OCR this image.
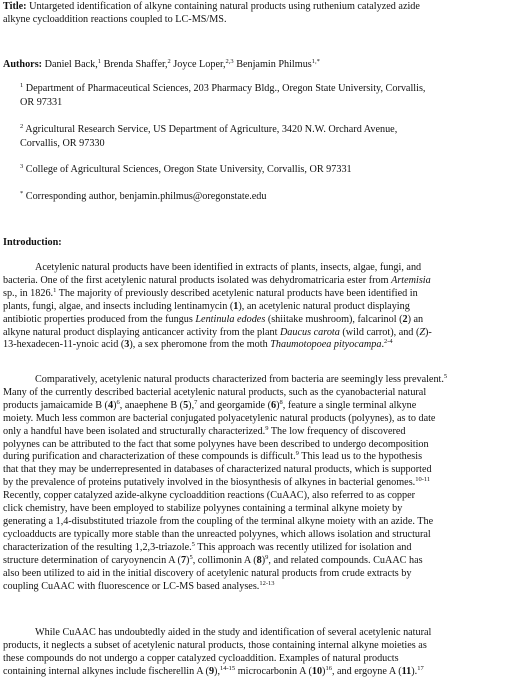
Title: Untargeted identification of alkyne containing natural products using ruthenium catalyzed azide

alkyne cycloaddition reactions coupled to LC-MS/MS.

Authors: Daniel Back,$^1$ Brenda Shaffer,$^2$ Joyce Loper,$^{2,3}$ Benjamin Philmus$^{1,*}$

$^1$ Department of Pharmaceutical Sciences, 203 Pharmacy Bldg., Oregon State University, Corvallis,
OR 97331
$^2$ Agricultural Research Service, US Department of Agriculture, 3420 N.W. Orchard Avenue,
Corvallis, OR 97330
$^3$ College of Agricultural Sciences, Oregon State University, Corvallis, OR 97331
* Corresponding author, benjamin.philmus@oregonstate.edu

Introduction:

Acetylenic natural products have been identified in extracts of plants, insects, algae, fungi, and
bacteria. One of the first acetylenic natural products isolated was dehydromatricaria ester from Artemisia
sp., in 1826.$^1$ The majority of previously described acetylenic natural products have been identified in
plants, fungi, algae, and insects including lentinamycin (1), an acetylenic natural product displaying
antibiotic properties produced from the fungus Lentinula edodes (shiitake mushroom), falcarinol (2) an
alkyne natural product displaying anticancer activity from the plant Daucus carota (wild carrot), and (Z)-
13-hexadecen-11-ynoic acid (3), a sex pheromone from the moth Thaumotopoea pityocampa.$^{2-4}$
Comparatively, acetylenic natural products characterized from bacteria are seemingly less prevalent.$^5$
Many of the currently described bacterial acetylenic natural products, such as the cyanobacterial natural
products jamaicamide B $(4)^6$, anaephene B (5),$^7$ and georgamide $(6)^8$, feature a single terminal alkyne
moiety. Much less common are bacterial conjugated polyacetylenic natural products (polyynes), as to date
only a handful have been isolated and structurally characterized.$^9$ The low frequency of discovered
polyynes can be attributed to the fact that some polyynes have been described to undergo decomposition
during purification and characterization of these compounds is difficult.$^9$ This lead us to the hypothesis
that that they may be underrepresented in databases of characterized natural products, which is supported
by the prevalence of proteins putatively involved in the biosynthesis of alkynes in bacterial genomes.$^{10-11}$
Recently, copper catalyzed azide-alkyne cycloaddition reactions (CuAAC), also referred to as copper
click chemistry, have been employed to stabilize polyynes containing a terminal alkyne moiety by
generating a 1,4-disubstituted triazole from the coupling of the terminal alkyne moiety with an azide. The
cycloadducts are typically more stable than the unreacted polyynes, which allows isolation and structural
characterization of the resulting 1,2,3-triazole.$^5$ This approach was recently utilized for isolation and
structure determination of caryoynencin A $(7)^5$, collimonin A $(8)^9$, and related compounds. CuAAC has
also been utilized to aid in the initial discovery of acetylenic natural products from crude extracts by
coupling CuAAC with fluorescence or LC-MS based analyses.$^{12-13}$
While CuAAC has undoubtedly aided in the study and identification of several acetylenic natural
products, it neglects a subset of acetylenic natural products, those containing internal alkyne moieties as
these compounds do not undergo a copper catalyzed cycloaddition. Examples of natural products
containing internal alkynes include fischerellin A (9),$^{14-15}$ microcarbonin A $(10)^{16}$, and ergoyne A (11).$^{17}$
